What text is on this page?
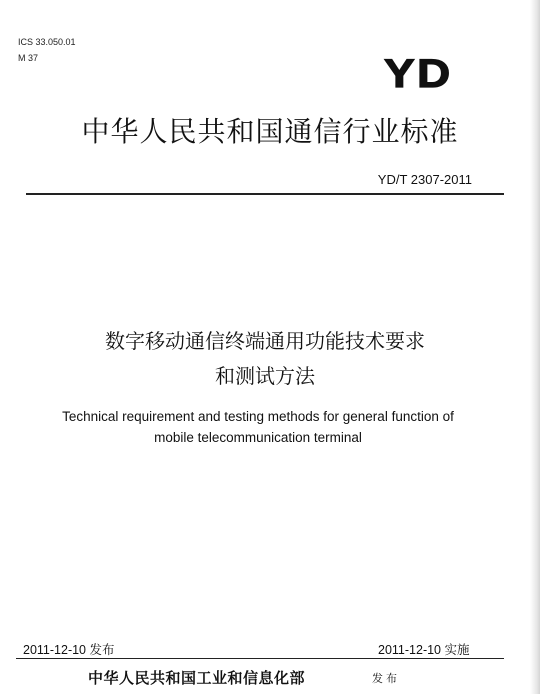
ICS 33.050.01
M 37	YD
中华人民共和国通信行业标准
YD/T 2307-2011
数字移动通信终端通用功能技术要求
和测试方法
Technical requirement and testing methods for general function of
mobile telecommunication terminal
2011-12-10 发布	2011-12-10 实施
中华人民共和国工业和信息化部	发布
